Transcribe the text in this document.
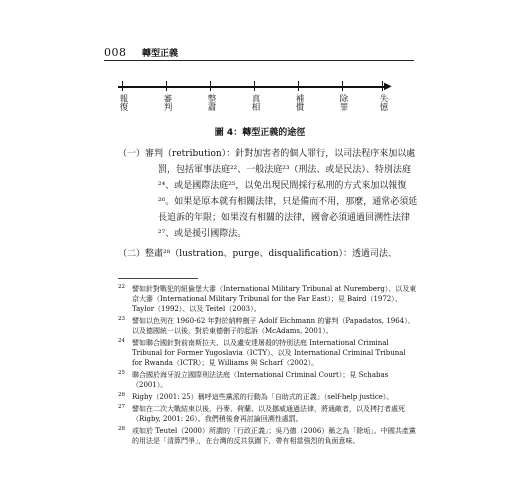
008 轉型正義
▶
報復	審判	整肅	真相	補償	除罪	失憶
圖 4：轉型正義的途徑

（一）審判（retribution）：針對加害者的個人罪行，以司法程序來加以處罰，包括軍事法庭²²、一般法庭²³（刑法、或是民法）、特別法庭²⁴、或是國際法庭²⁵，以免出現民間採行私刑的方式來加以報復²⁶。如果是原本就有相關法律，只是備而不用，那麼，通常必須延長追訴的年限；如果沒有相關的法律，國會必須通過回溯性法律²⁷、或是援引國際法。

（二）整肅²⁸（lustration、purge、disqualification）：透過司法、

22 譬如針對戰犯的紐倫堡大審（International Military Tribunal at Nuremberg）、以及東京大審（International Military Tribunal for the Far East）；見 Baird（1972）、Taylor（1992）、以及 Teitel（2003）。
23 譬如以色列在 1960-62 年對於納粹劊子 Adolf Eichmann 的審判（Papadatos, 1964）、以及德國統一以後，對於東德劊子的起訴（McAdams, 2001）。
24 譬如聯合國針對前南斯拉夫、以及盧安達屠殺的特別法庭 International Criminal Tribunal for Former Yugoslavia（ICTY）、以及 International Criminal Tribunal for Rwanda（ICTR）；見 Williams 與 Scharf（2002）。
25 聯合國於海牙設立國際刑法法庭（International Criminal Court）；見 Schabas（2001）。
26 Rigby（2001: 25）稱呼這些黨派的行動為「自助式的正義」（self-help justice）。
27 譬如在二次大戰結束以後，丹麥、荷蘭、以及挪威通過法律，將通敵者，以及拷打者處死（Rigby, 2001: 26）。我們稍後會再討論回溯性處罰。
28 或如於 Teutel（2000）所謂的「行政正義」；吳乃德（2006）稱之為「除垢」。中國共產黨的用法是「清算鬥爭」，在台灣的反共氛圍下，帶有相當強烈的負面意味。
